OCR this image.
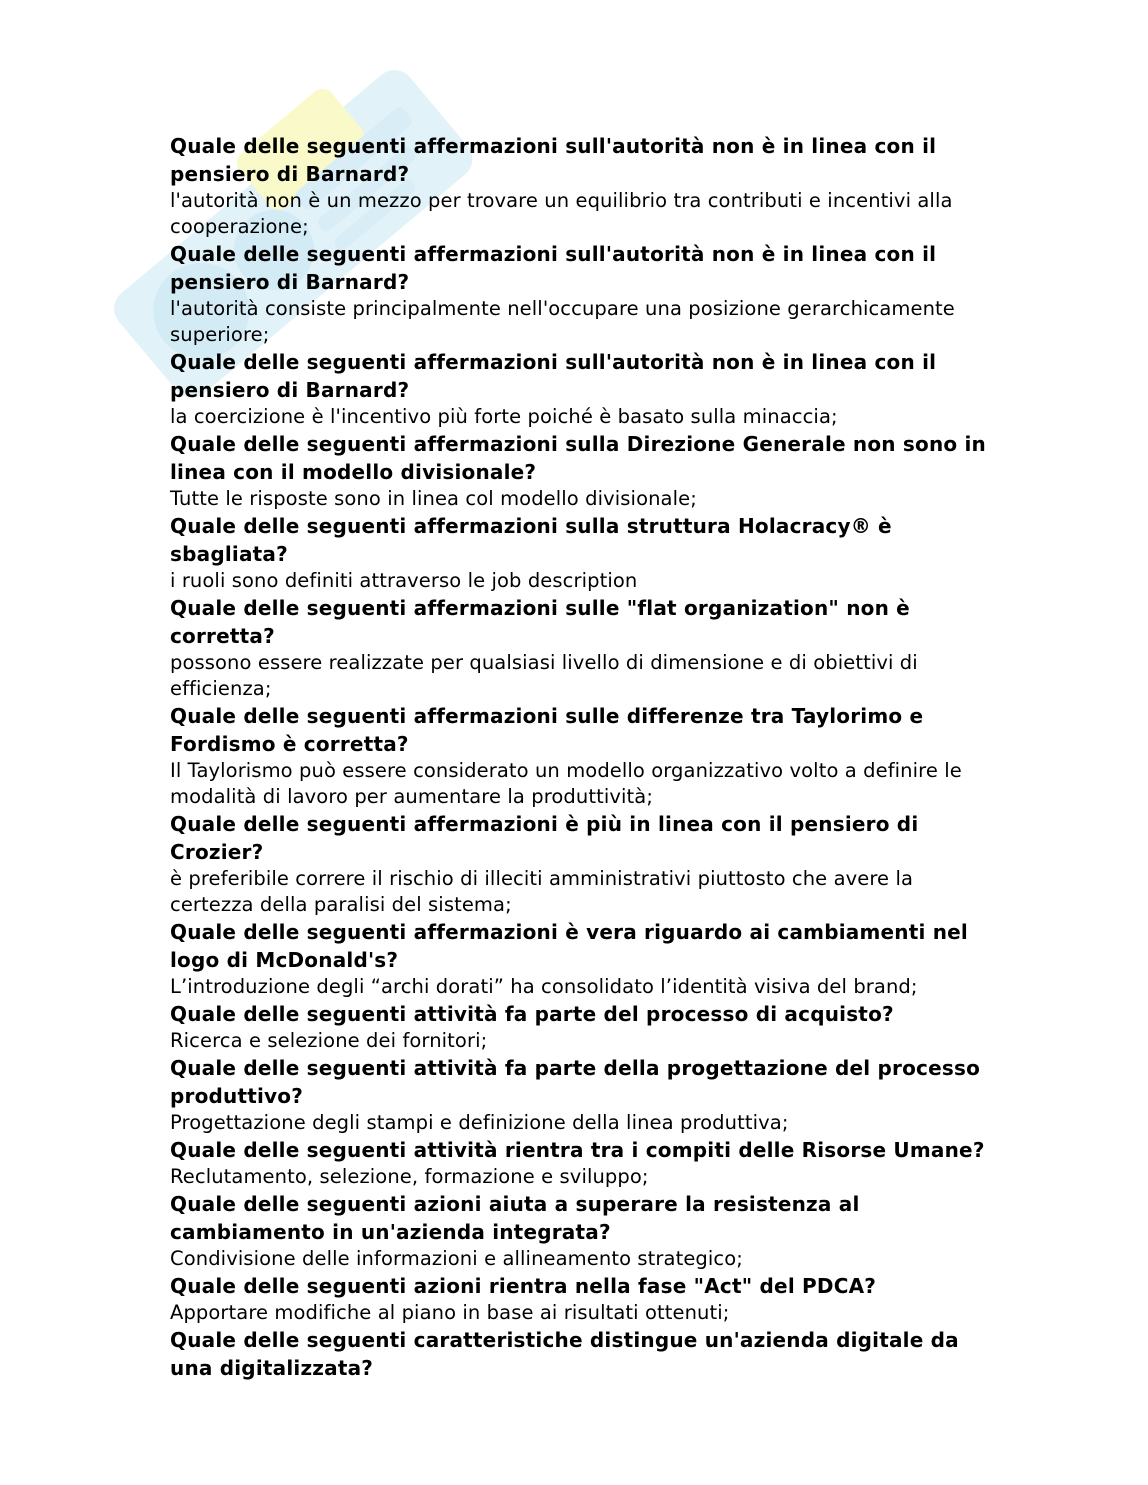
Quale delle seguenti affermazioni sull'autorità non è in linea con il pensiero di Barnard?

l'autorità non è un mezzo per trovare un equilibrio tra contributi e incentivi alla cooperazione;

Quale delle seguenti affermazioni sull'autorità non è in linea con il pensiero di Barnard?

l'autorità consiste principalmente nell'occupare una posizione gerarchicamente superiore;

Quale delle seguenti affermazioni sull'autorità non è in linea con il pensiero di Barnard?

la coercizione è l'incentivo più forte poiché è basato sulla minaccia;

Quale delle seguenti affermazioni sulla Direzione Generale non sono in linea con il modello divisionale?

Tutte le risposte sono in linea col modello divisionale;

Quale delle seguenti affermazioni sulla struttura Holacracy® è sbagliata?

i ruoli sono definiti attraverso le job description

Quale delle seguenti affermazioni sulle "flat organization" non è corretta?

possono essere realizzate per qualsiasi livello di dimensione e di obiettivi di efficienza;

Quale delle seguenti affermazioni sulle differenze tra Taylorimo e Fordismo è corretta?

Il Taylorismo può essere considerato un modello organizzativo volto a definire le modalità di lavoro per aumentare la produttività;

Quale delle seguenti affermazioni è più in linea con il pensiero di Crozier?

è preferibile correre il rischio di illeciti amministrativi piuttosto che avere la certezza della paralisi del sistema;

Quale delle seguenti affermazioni è vera riguardo ai cambiamenti nel logo di McDonald's?

L’introduzione degli “archi dorati” ha consolidato l’identità visiva del brand;

Quale delle seguenti attività fa parte del processo di acquisto?

Ricerca e selezione dei fornitori;

Quale delle seguenti attività fa parte della progettazione del processo produttivo?

Progettazione degli stampi e definizione della linea produttiva;

Quale delle seguenti attività rientra tra i compiti delle Risorse Umane?

Reclutamento, selezione, formazione e sviluppo;

Quale delle seguenti azioni aiuta a superare la resistenza al cambiamento in un'azienda integrata?

Condivisione delle informazioni e allineamento strategico;

Quale delle seguenti azioni rientra nella fase "Act" del PDCA?

Apportare modifiche al piano in base ai risultati ottenuti;

Quale delle seguenti caratteristiche distingue un'azienda digitale da una digitalizzata?
